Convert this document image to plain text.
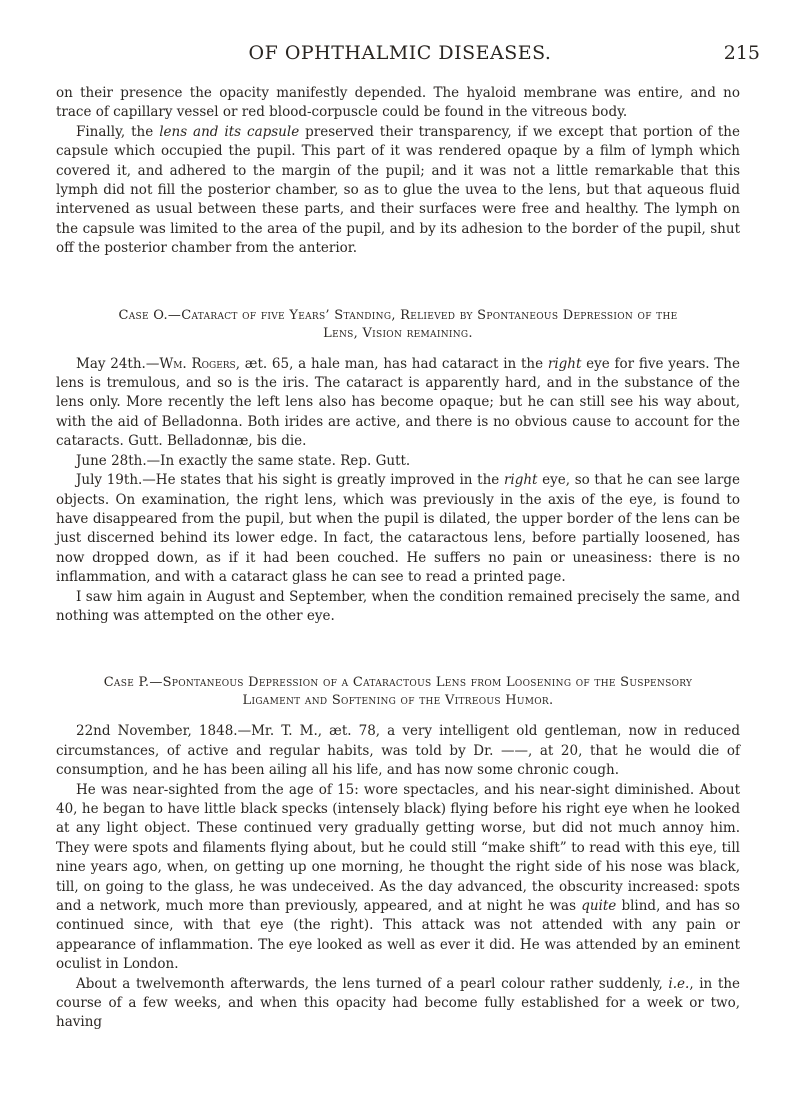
OF OPHTHALMIC DISEASES.	215

on their presence the opacity manifestly depended. The hyaloid membrane was entire, and no trace of capillary vessel or red blood-corpuscle could be found in the vitreous body.

Finally, the lens and its capsule preserved their transparency, if we except that portion of the capsule which occupied the pupil. This part of it was rendered opaque by a film of lymph which covered it, and adhered to the margin of the pupil; and it was not a little remarkable that this lymph did not fill the posterior chamber, so as to glue the uvea to the lens, but that aqueous fluid intervened as usual between these parts, and their surfaces were free and healthy. The lymph on the capsule was limited to the area of the pupil, and by its adhesion to the border of the pupil, shut off the posterior chamber from the anterior.

Case O.—Cataract of five Years’ Standing, Relieved by Spontaneous Depression of the
Lens, Vision remaining.

May 24th.—Wm. Rogers, æt. 65, a hale man, has had cataract in the right eye for five years. The lens is tremulous, and so is the iris. The cataract is apparently hard, and in the substance of the lens only. More recently the left lens also has become opaque; but he can still see his way about, with the aid of Belladonna. Both irides are active, and there is no obvious cause to account for the cataracts. Gutt. Belladonnæ, bis die.

June 28th.—In exactly the same state. Rep. Gutt.

July 19th.—He states that his sight is greatly improved in the right eye, so that he can see large objects. On examination, the right lens, which was previously in the axis of the eye, is found to have disappeared from the pupil, but when the pupil is dilated, the upper border of the lens can be just discerned behind its lower edge. In fact, the cataractous lens, before partially loosened, has now dropped down, as if it had been couched. He suffers no pain or uneasiness: there is no inflammation, and with a cataract glass he can see to read a printed page.

I saw him again in August and September, when the condition remained precisely the same, and nothing was attempted on the other eye.

Case P.—Spontaneous Depression of a Cataractous Lens from Loosening of the Suspensory
Ligament and Softening of the Vitreous Humor.

22nd November, 1848.—Mr. T. M., æt. 78, a very intelligent old gentleman, now in reduced circumstances, of active and regular habits, was told by Dr. ——, at 20, that he would die of consumption, and he has been ailing all his life, and has now some chronic cough.

He was near-sighted from the age of 15: wore spectacles, and his near-sight diminished. About 40, he began to have little black specks (intensely black) flying before his right eye when he looked at any light object. These continued very gradually getting worse, but did not much annoy him. They were spots and filaments flying about, but he could still “make shift” to read with this eye, till nine years ago, when, on getting up one morning, he thought the right side of his nose was black, till, on going to the glass, he was undeceived. As the day advanced, the obscurity increased: spots and a network, much more than previously, appeared, and at night he was quite blind, and has so continued since, with that eye (the right). This attack was not attended with any pain or appearance of inflammation. The eye looked as well as ever it did. He was attended by an eminent oculist in London.

About a twelvemonth afterwards, the lens turned of a pearl colour rather suddenly, i.e., in the course of a few weeks, and when this opacity had become fully established for a week or two, having
